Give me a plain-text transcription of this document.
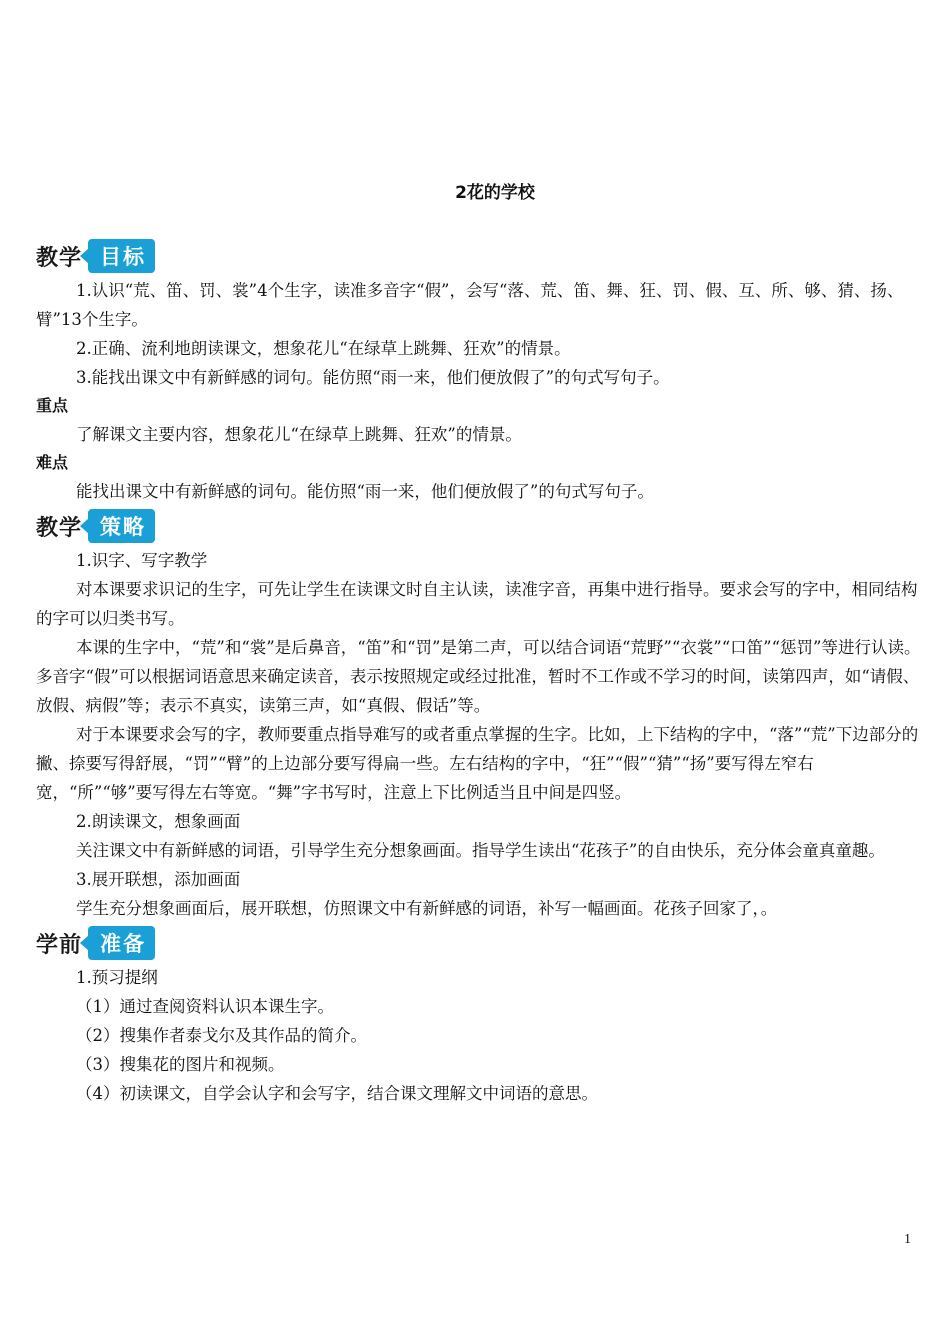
2花的学校
教学 目标

1.认识“荒、笛、罚、裳”4个生字，读准多音字“假”，会写“落、荒、笛、舞、狂、罚、假、互、所、够、猜、扬、臂”13个生字。

2.正确、流利地朗读课文，想象花儿“在绿草上跳舞、狂欢”的情景。

3.能找出课文中有新鲜感的词句。能仿照“雨一来，他们便放假了”的句式写句子。

重点

了解课文主要内容，想象花儿“在绿草上跳舞、狂欢”的情景。

难点

能找出课文中有新鲜感的词句。能仿照“雨一来，他们便放假了”的句式写句子。

教学 策略

1.识字、写字教学

对本课要求识记的生字，可先让学生在读课文时自主认读，读准字音，再集中进行指导。要求会写的字中，相同结构的字可以归类书写。

本课的生字中，“荒”和“裳”是后鼻音，“笛”和“罚”是第二声，可以结合词语“荒野”“衣裳”“口笛”“惩罚”等进行认读。多音字“假”可以根据词语意思来确定读音，表示按照规定或经过批准，暂时不工作或不学习的时间，读第四声，如“请假、放假、病假”等；表示不真实，读第三声，如“真假、假话”等。

对于本课要求会写的字，教师要重点指导难写的或者重点掌握的生字。比如，上下结构的字中，“落”“荒”下边部分的撇、捺要写得舒展，“罚”“臂”的上边部分要写得扁一些。左右结构的字中，“狂”“假”“猜”“扬”要写得左窄右宽，“所”“够”要写得左右等宽。“舞”字书写时，注意上下比例适当且中间是四竖。

2.朗读课文，想象画面

关注课文中有新鲜感的词语，引导学生充分想象画面。指导学生读出“花孩子”的自由快乐，充分体会童真童趣。

3.展开联想，添加画面

学生充分想象画面后，展开联想，仿照课文中有新鲜感的词语，补写一幅画面。花孩子回家了，。

学前 准备

1.预习提纲

（1）通过查阅资料认识本课生字。

（2）搜集作者泰戈尔及其作品的简介。

（3）搜集花的图片和视频。

（4）初读课文，自学会认字和会写字，结合课文理解文中词语的意思。

1
